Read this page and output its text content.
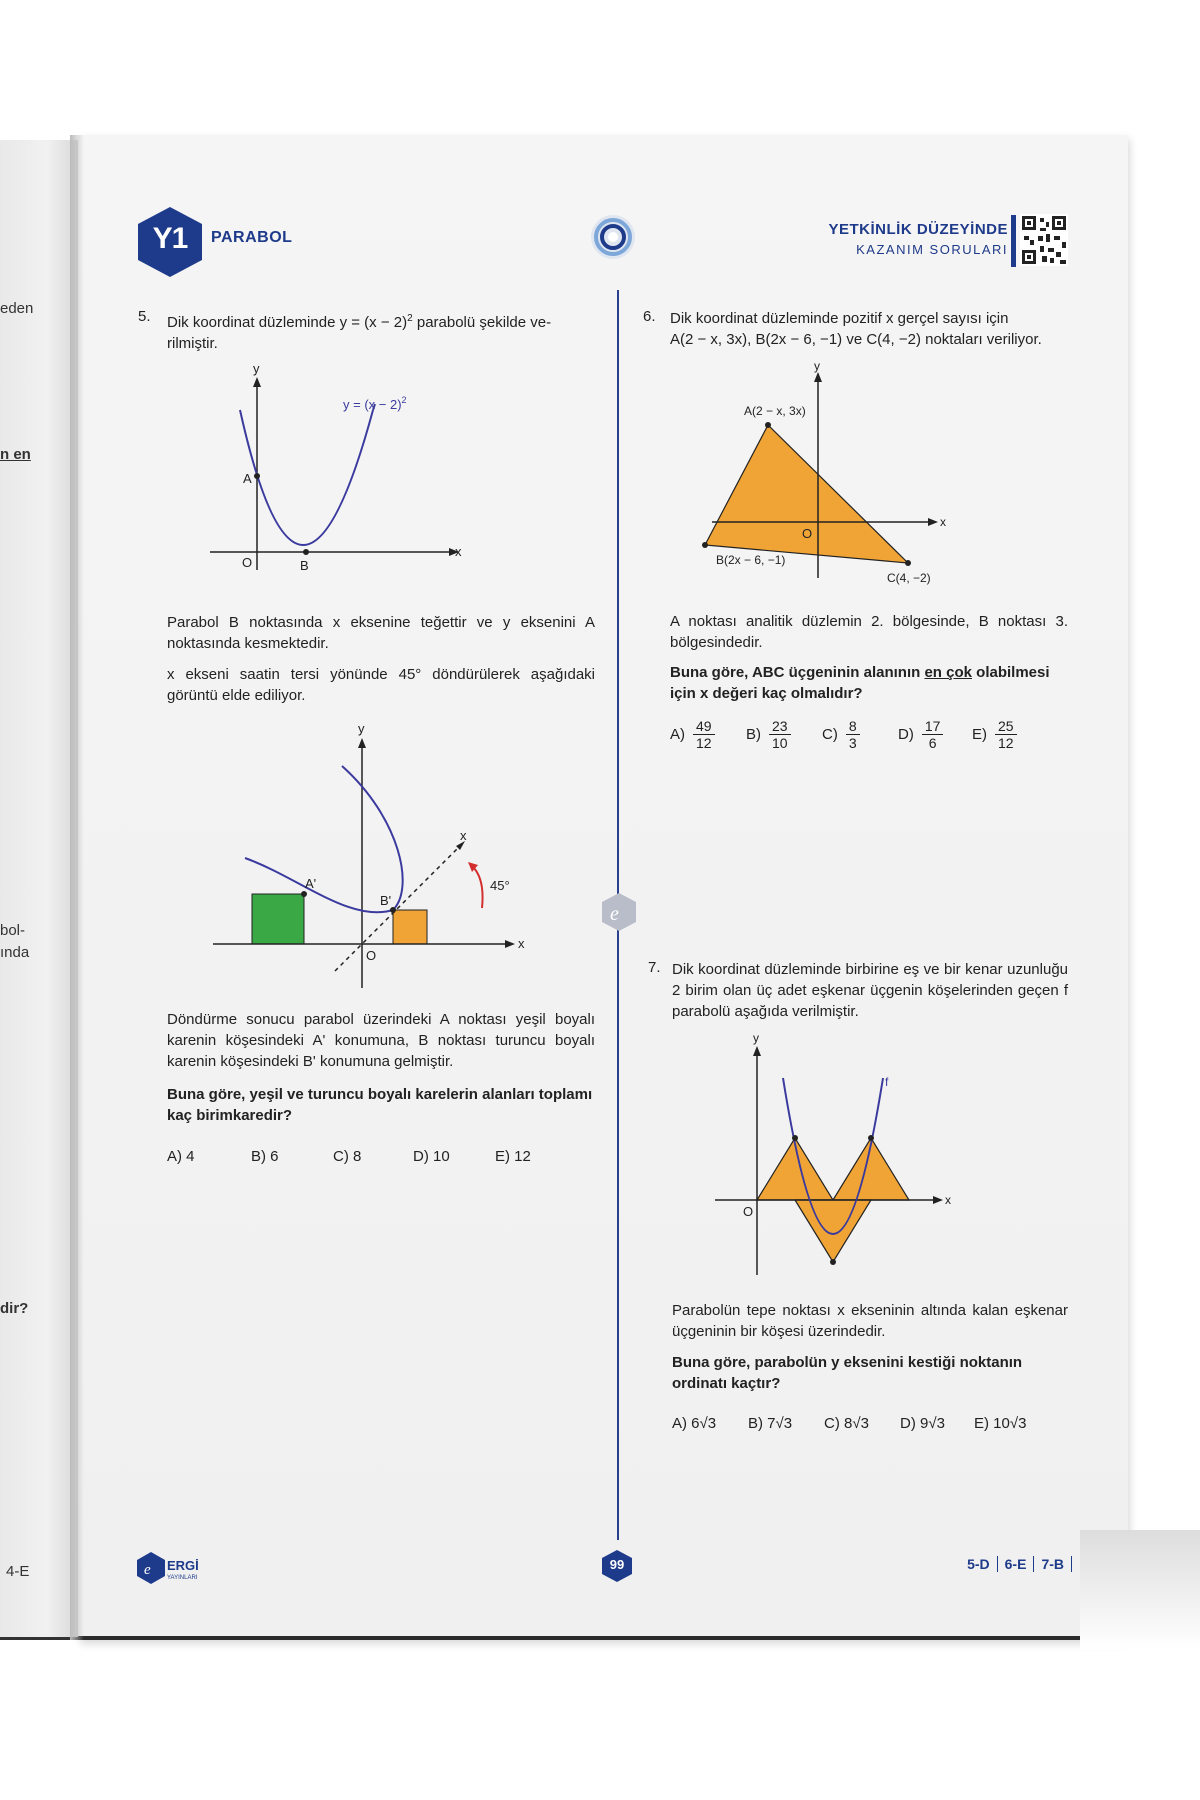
eden
n en
bol-
ında
dir?
4-E
Y1	PARABOL	YETKİNLİK DÜZEYİNDE
KAZANIM SORULARI
5. Dik koordinat düzleminde $y = (x - 2)^2$ parabolü şekilde ve-
rilmiştir.
A
B
O
y
x
$y = (x - 2)^2$
Parabol B noktasında x eksenine teğettir ve y eksenini A noktasında kesmektedir.
x ekseni saatin tersi yönünde 45° döndürülerek aşağıdaki görüntü elde ediliyor.
A'
B'
O
y
x
x
45°
Döndürme sonucu parabol üzerindeki A noktası yeşil boyalı karenin köşesindeki A' konumuna, B noktası turuncu boyalı karenin köşesindeki B' konumuna gelmiştir.
Buna göre, yeşil ve turuncu boyalı karelerin alanları toplamı kaç birimkaredir?
A) 4	B) 6	C) 8	D) 10	E) 12
6. Dik koordinat düzleminde pozitif x gerçel sayısı için
A(2 − x, 3x), B(2x − 6, −1) ve C(4, −2) noktaları veriliyor.
A(2 − x, 3x)
B(2x − 6, −1)
C(4, −2)
O
y
x
A noktası analitik düzlemin 2. bölgesinde, B noktası 3. bölgesindedir.
Buna göre, ABC üçgeninin alanının en çok olabilmesi için x değeri kaç olmalıdır?
$A) \frac{49}{12} B) \frac{23}{10} C) \frac{8}{3}$	$D) \frac{17}{6} E) \frac{25}{12}$
e
7. Dik koordinat düzleminde birbirine eş ve bir kenar uzunluğu 2 birim olan üç adet eşkenar üçgenin köşelerinden geçen f parabolü aşağıda verilmiştir.
O
y
x
f
Parabolün tepe noktası x ekseninin altında kalan eşkenar üçgeninin bir köşesi üzerindedir.
Buna göre, parabolün y eksenini kestiği noktanın ordinatı kaçtır?
A) 6√3	B) 7√3	C) 8√3	D) 9√3	E) 10√3
e ERGİ
YAYINLARI
99	5-D	6-E	7-B
